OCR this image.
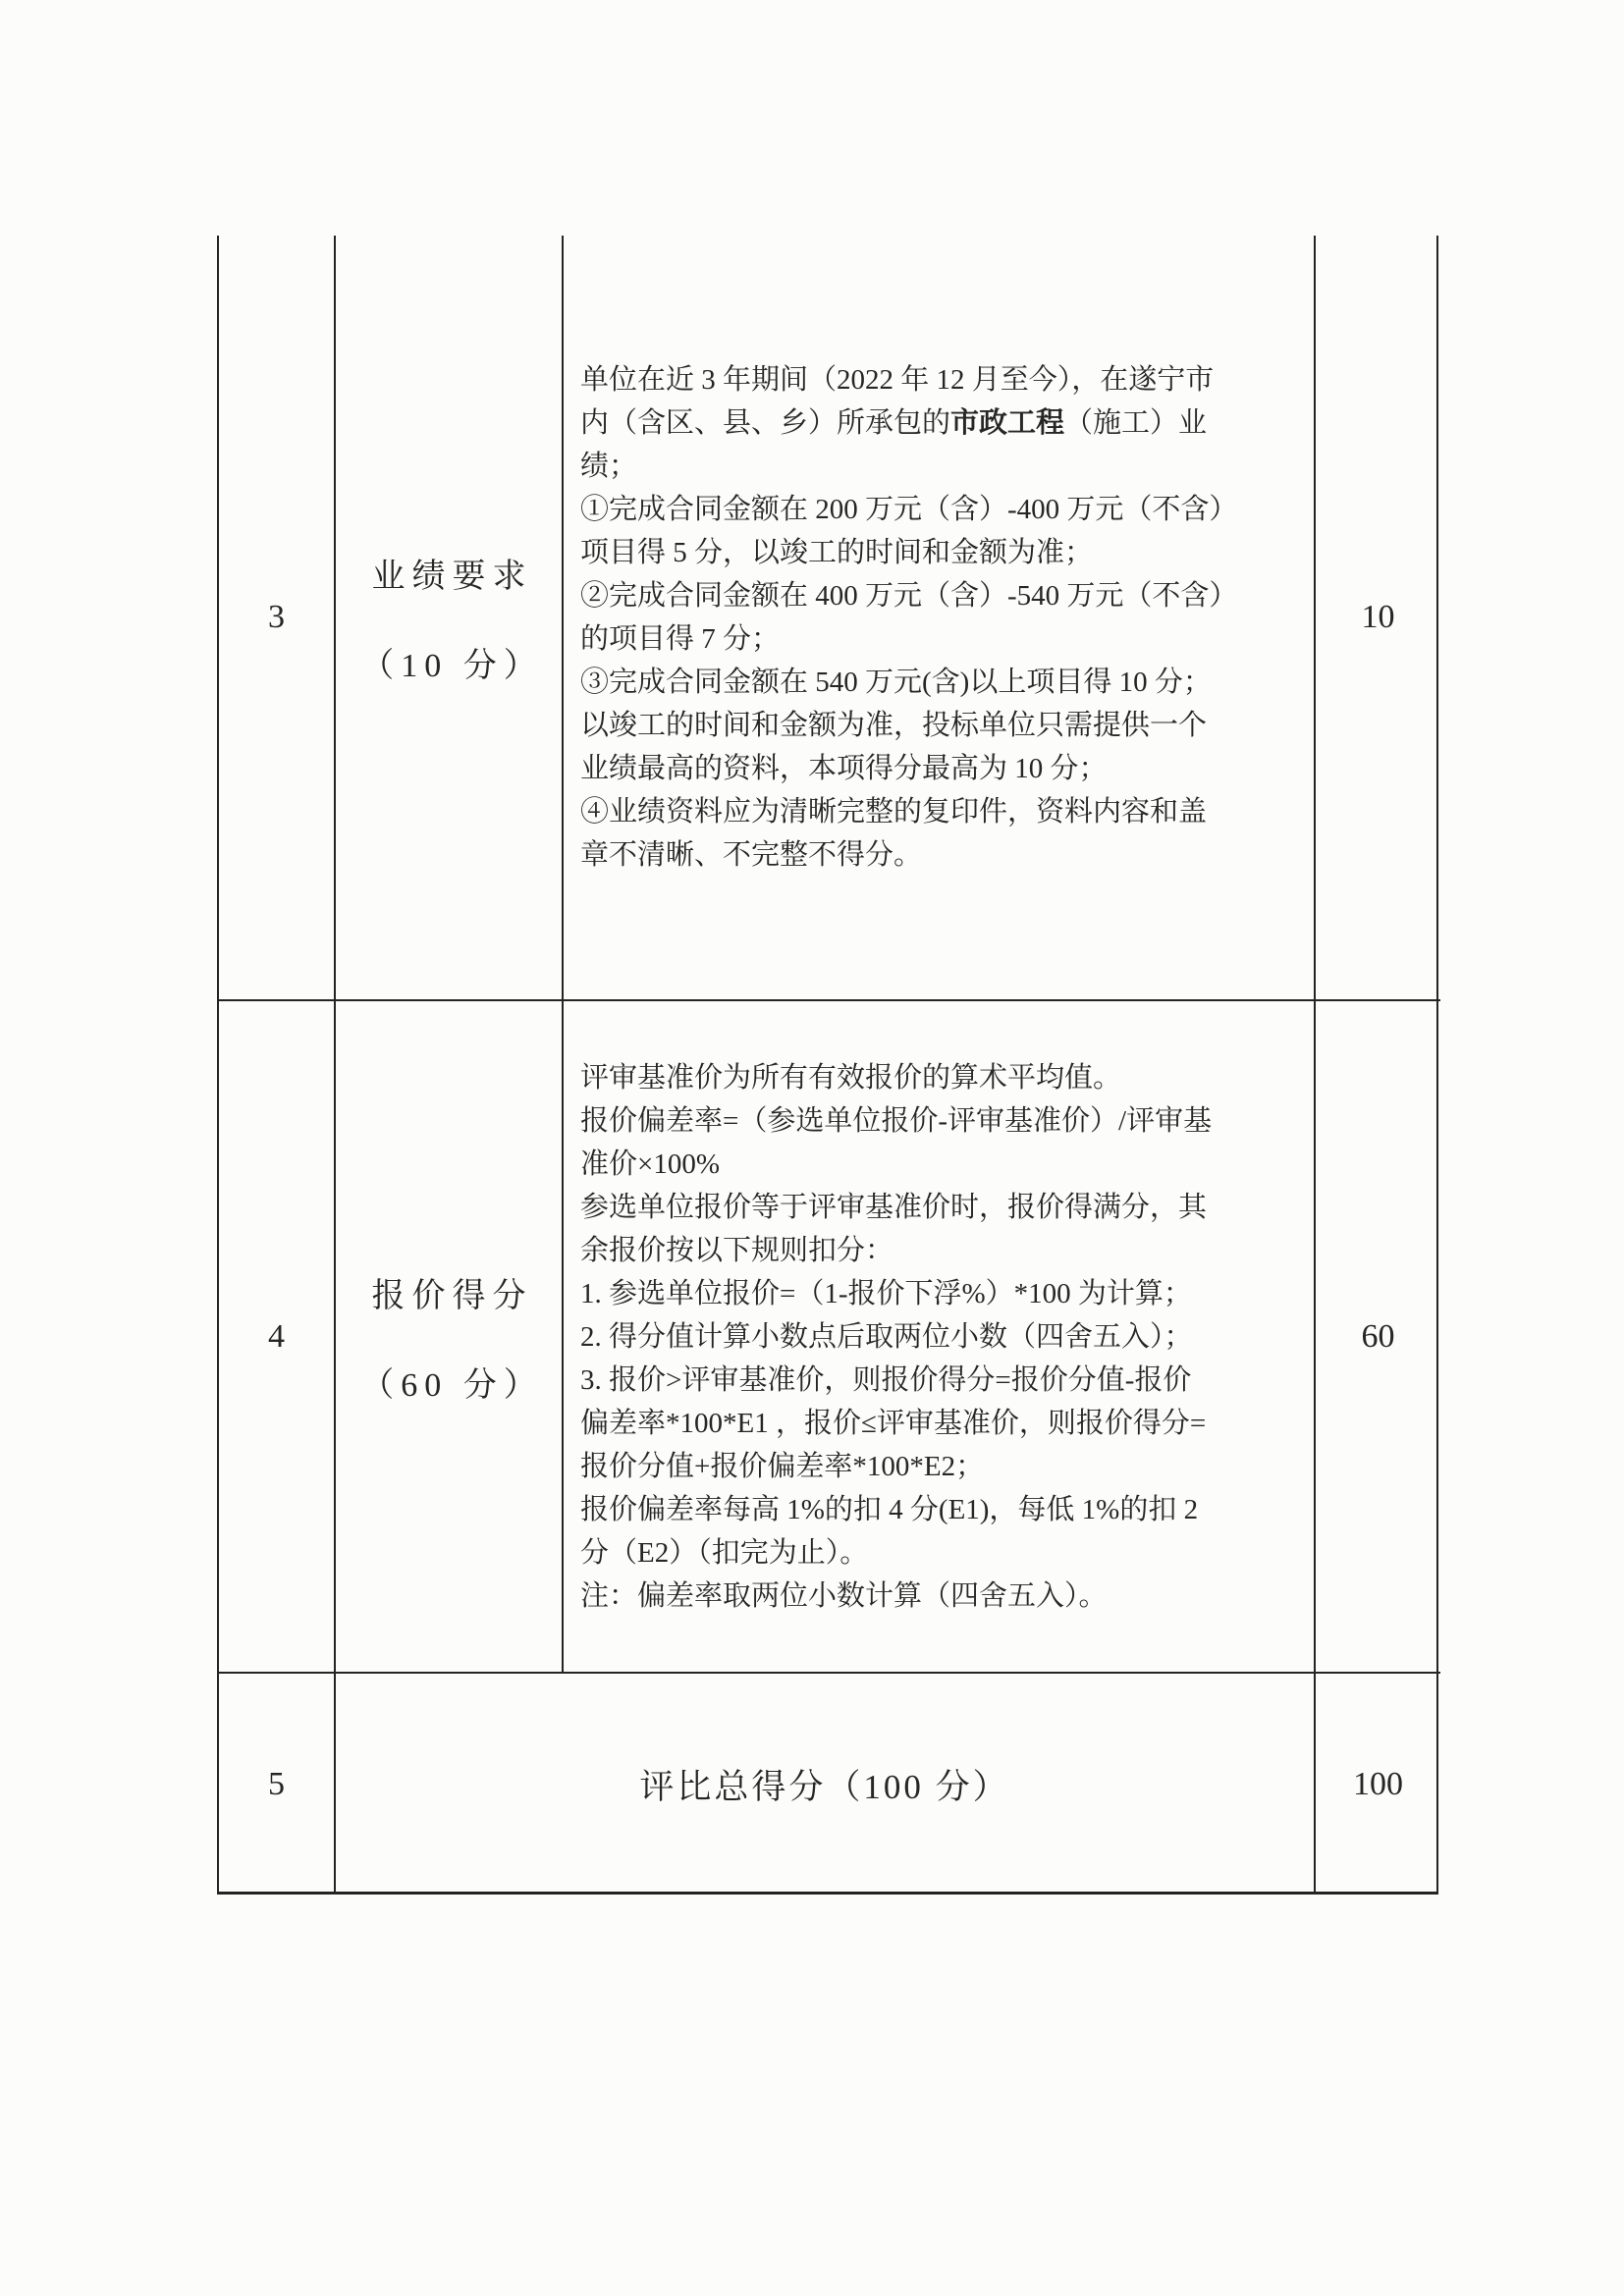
3
业绩要求
（10 分）
单位在近 3 年期间（2022 年 12 月至今），在遂宁市
内（含区、县、乡）所承包的市政工程（施工）业
绩；
①完成合同金额在 200 万元（含）-400 万元（不含）
项目得 5 分，以竣工的时间和金额为准；
②完成合同金额在 400 万元（含）-540 万元（不含）
的项目得 7 分；
③完成合同金额在 540 万元(含)以上项目得 10 分；
以竣工的时间和金额为准，投标单位只需提供一个
业绩最高的资料，本项得分最高为 10 分；
④业绩资料应为清晰完整的复印件，资料内容和盖
章不清晰、不完整不得分。
10
4
报价得分
（60 分）
评审基准价为所有有效报价的算术平均值。
报价偏差率=（参选单位报价-评审基准价）/评审基
准价×100%
参选单位报价等于评审基准价时，报价得满分，其
余报价按以下规则扣分：
1. 参选单位报价=（1-报价下浮%）*100 为计算；
2. 得分值计算小数点后取两位小数（四舍五入）；
3. 报价>评审基准价，则报价得分=报价分值-报价
偏差率*100*E1 ，报价≤评审基准价，则报价得分=
报价分值+报价偏差率*100*E2；
报价偏差率每高 1%的扣 4 分(E1)，每低 1%的扣 2
分（E2）（扣完为止）。
注：偏差率取两位小数计算（四舍五入）。
60
5	评比总得分（100 分）	100
